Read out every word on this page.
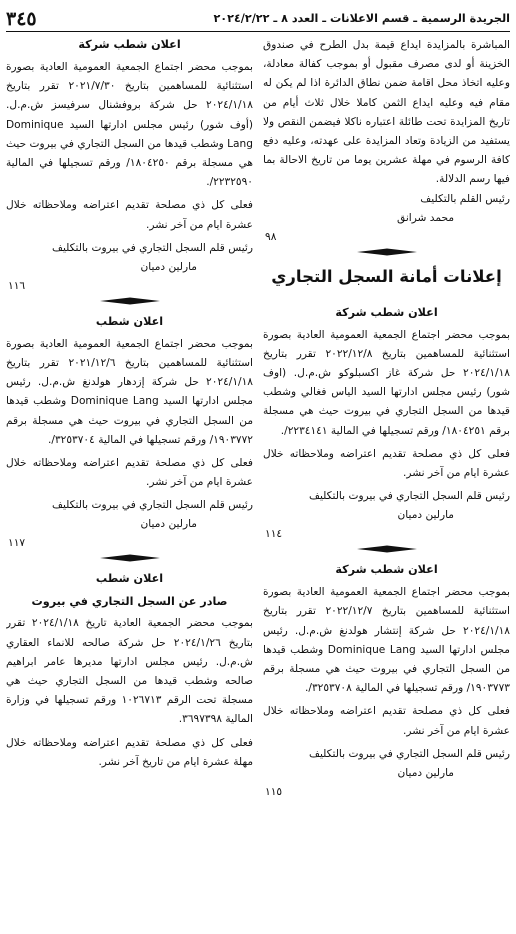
الجريدة الرسمية ـ قسم الاعلانات ـ العدد ٨ ـ ٢٠٢٤/٢/٢٢
٣٤٥

المباشرة بالمزايدة ايداع قيمة بدل الطرح في صندوق الخزينة أو لدى مصرف مقبول أو بموجب كفالة معادلة، وعليه اتخاذ محل اقامة ضمن نطاق الدائرة اذا لم يكن له مقام فيه وعليه ايداع الثمن كاملا خلال ثلاث أيام من تاريخ المزايدة تحت طائلة اعتباره ناكلا فيضمن النقص ولا يستفيد من الزيادة وتعاد المزايدة على عهدته، وعليه دفع كافة الرسوم في مهلة عشرين يوما من تاريخ الاحالة بما فيها رسم الدلالة.

رئيس القلم بالتكليف
محمد شرانق
٩٨
إعلانات أمانة السجل التجاري
اعلان شطب شركة

بموجب محضر اجتماع الجمعية العمومية العادية بصورة استثنائية للمساهمين بتاريخ ٢٠٢٢/١٢/٨ تقرر بتاريخ ٢٠٢٤/١/١٨ حل شركة غاز اكسبلوكو ش.م.ل. (اوف شور) رئيس مجلس ادارتها السيد الياس فغالي وشطب قيدها من السجل التجاري في بيروت حيث هي مسجلة برقم ١٨٠٤٢٥١/ ورقم تسجيلها في المالية ٢٢٣٤١٤١/.

فعلى كل ذي مصلحة تقديم اعتراضه وملاحظاته خلال عشرة ايام من آخر نشر.

رئيس قلم السجل التجاري في بيروت بالتكليف
مارلين دميان
١١٤
اعلان شطب شركة

بموجب محضر اجتماع الجمعية العمومية العادية بصورة استثنائية للمساهمين بتاريخ ٢٠٢٢/١٢/٧ تقرر بتاريخ ٢٠٢٤/١/١٨ حل شركة إنتشار هولدنغ ش.م.ل. رئيس مجلس ادارتها السيد Dominique Lang وشطب قيدها من السجل التجاري في بيروت حيث هي مسجلة برقم ١٩٠٣٧٧٣/ ورقم تسجيلها في المالية ٣٢٥٣٧٠٨/.

فعلى كل ذي مصلحة تقديم اعتراضه وملاحظاته خلال عشرة ايام من آخر نشر.

رئيس قلم السجل التجاري في بيروت بالتكليف
مارلين دميان
١١٥
اعلان شطب شركة

بموجب محضر اجتماع الجمعية العمومية العادية بصورة استثنائية للمساهمين بتاريخ ٢٠٢١/٧/٣٠ تقرر بتاريخ ٢٠٢٤/١/١٨ حل شركة بروفشنال سرفيسز ش.م.ل. (أوف شور) رئيس مجلس ادارتها السيد Dominique Lang وشطب قيدها من السجل التجاري في بيروت حيث هي مسجلة برقم ١٨٠٤٢٥٠/ ورقم تسجيلها في المالية ٢٢٣٢٥٩٠/.

فعلى كل ذي مصلحة تقديم اعتراضه وملاحظاته خلال عشرة ايام من آخر نشر.

رئيس قلم السجل التجاري في بيروت بالتكليف
مارلين دميان
١١٦
اعلان شطب

بموجب محضر اجتماع الجمعية العمومية العادية بصورة استثنائية للمساهمين بتاريخ ٢٠٢١/١٢/٦ تقرر بتاريخ ٢٠٢٤/١/١٨ حل شركة إزدهار هولدنغ ش.م.ل. رئيس مجلس ادارتها السيد Dominique Lang وشطب قيدها من السجل التجاري في بيروت حيث هي مسجلة برقم ١٩٠٣٧٧٢/ ورقم تسجيلها في المالية ٣٢٥٣٧٠٤/.

فعلى كل ذي مصلحة تقديم اعتراضه وملاحظاته خلال عشرة ايام من آخر نشر.

رئيس قلم السجل التجاري في بيروت بالتكليف
مارلين دميان
١١٧
اعلان شطب
صادر عن السجل التجاري في بيروت

بموجب محضر الجمعية العادية تاريخ ٢٠٢٤/١/١٨ تقرر بتاريخ ٢٠٢٤/١/٢٦ حل شركة صالحه للانماء العقاري ش.م.ل. رئيس مجلس ادارتها مديرها عامر ابراهيم صالحه وشطب قيدها من السجل التجاري حيث هي مسجلة تحت الرقم ١٠٢٦٧١٣ ورقم تسجيلها في وزارة المالية ٣٦٩٧٣٩٨.

فعلى كل ذي مصلحة تقديم اعتراضه وملاحظاته خلال مهلة عشرة ايام من تاريخ آخر نشر.
